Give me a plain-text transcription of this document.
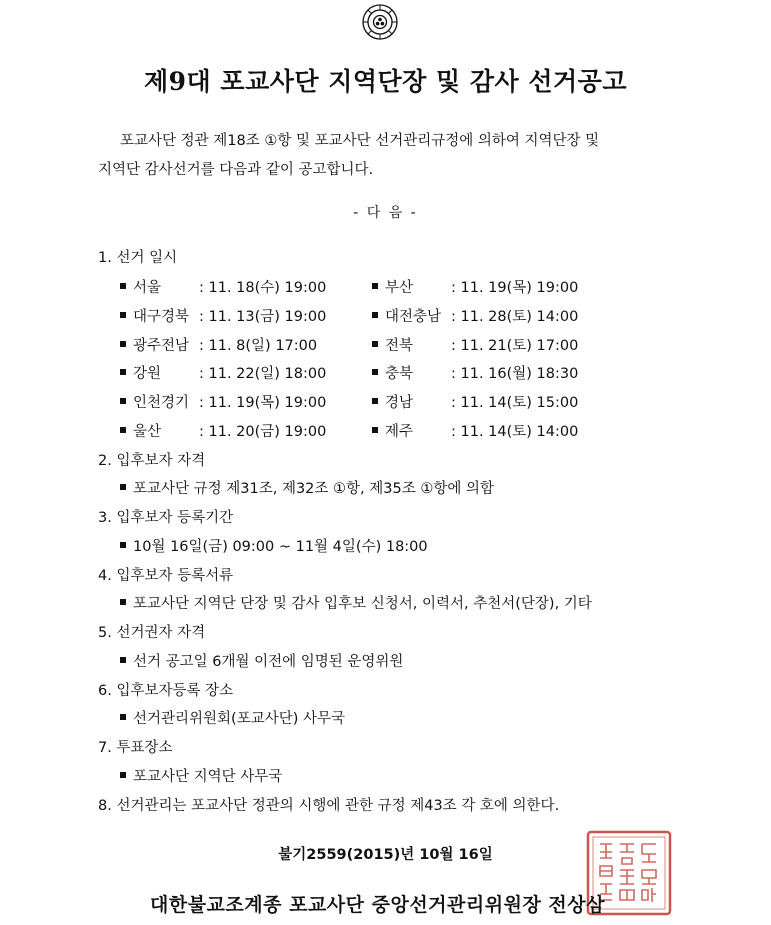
제9대 포교사단 지역단장 및 감사 선거공고
포교사단 정관 제18조 ①항 및 포교사단 선거관리규정에 의하여 지역단장 및
지역단 감사선거를 다음과 같이 공고합니다.
- 다 음 -
1. 선거 일시
서울	: 11. 18(수) 19:00	부산	: 11. 19(목) 19:00
대구경북 : 11. 13(금) 19:00	대전충남 : 11. 28(토) 14:00
광주전남 : 11. 8(일) 17:00	전북	: 11. 21(토) 17:00
강원	: 11. 22(일) 18:00	충북	: 11. 16(월) 18:30
인천경기 : 11. 19(목) 19:00	경남	: 11. 14(토) 15:00
울산	: 11. 20(금) 19:00	제주	: 11. 14(토) 14:00
2. 입후보자 자격
포교사단 규정 제31조, 제32조 ①항, 제35조 ①항에 의함
3. 입후보자 등록기간
10월 16일(금) 09:00 ~ 11월 4일(수) 18:00
4. 입후보자 등록서류
포교사단 지역단 단장 및 감사 입후보 신청서, 이력서, 추천서(단장), 기타
5. 선거권자 자격
선거 공고일 6개월 이전에 임명된 운영위원
6. 입후보자등록 장소
선거관리위원회(포교사단) 사무국
7. 투표장소
포교사단 지역단 사무국
8. 선거관리는 포교사단 정관의 시행에 관한 규정 제43조 각 호에 의한다.
불기2559(2015)년 10월 16일
대한불교조계종 포교사단 중앙선거관리위원장 전상삼
